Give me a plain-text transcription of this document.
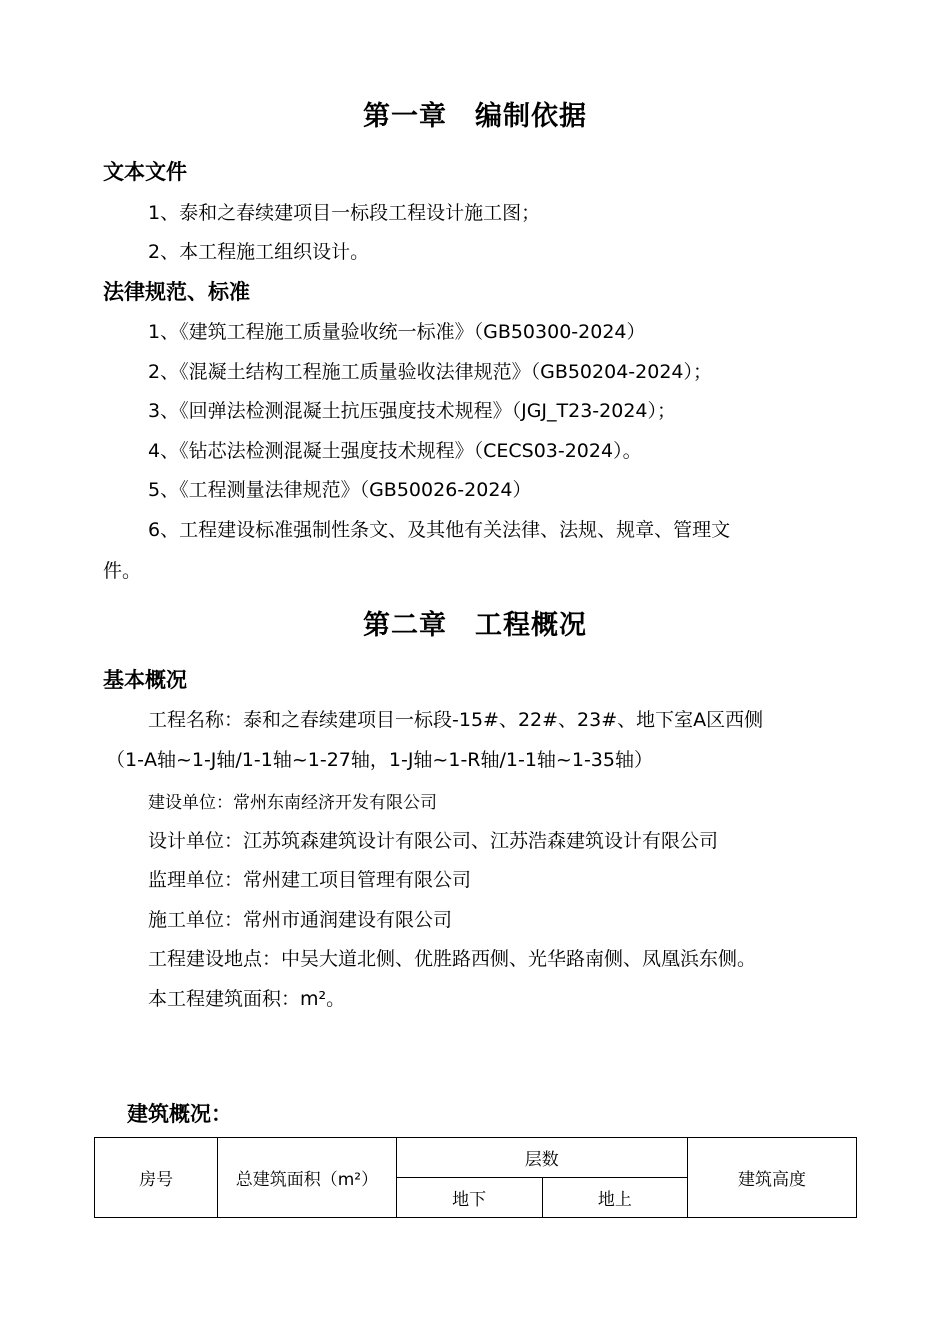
第一章　编制依据
文本文件
1、泰和之春续建项目一标段工程设计施工图；
2、本工程施工组织设计。
法律规范、标准
1、《建筑工程施工质量验收统一标准》（GB50300-2024）
2、《混凝土结构工程施工质量验收法律规范》（GB50204-2024）；
3、《回弹法检测混凝土抗压强度技术规程》（JGJ_T23-2024）；
4、《钻芯法检测混凝土强度技术规程》（CECS03-2024）。
5、《工程测量法律规范》（GB50026-2024）
6、工程建设标准强制性条文、及其他有关法律、法规、规章、管理文
件。
第二章　工程概况
基本概况
工程名称：泰和之春续建项目一标段-15#、22#、23#、地下室A区西侧
（1-A轴~1-J轴/1-1轴~1-27轴，1-J轴~1-R轴/1-1轴~1-35轴）
建设单位：常州东南经济开发有限公司
设计单位：江苏筑森建筑设计有限公司、江苏浩森建筑设计有限公司
监理单位：常州建工项目管理有限公司
施工单位：常州市通润建设有限公司
工程建设地点：中吴大道北侧、优胜路西侧、光华路南侧、凤凰浜东侧。
本工程建筑面积：m²。
建筑概况：
房号	总建筑面积（m²）	层数		建筑高度
		地下	地上	
